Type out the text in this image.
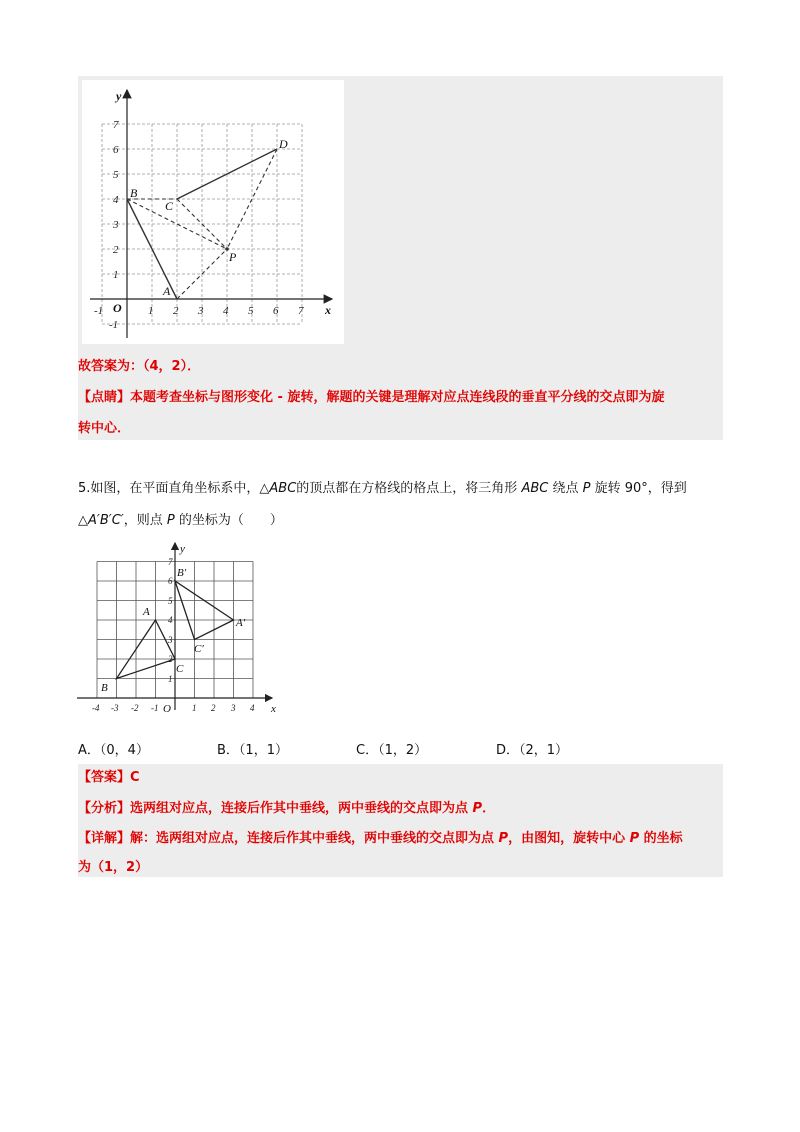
-1	1 2 3 4 5 6 7
7
6
5
4
3
2
1
-1
O	x
y
A
B
C
D
P
故答案为：（4，2）．
【点睛】本题考查坐标与图形变化 - 旋转，解题的关键是理解对应点连线段的垂直平分线的交点即为旋
转中心．
5.如图，在平面直角坐标系中，△ABC的顶点都在方格线的格点上，将三角形 ABC 绕点 P 旋转 90°，得到
△A′B′C′，则点 P 的坐标为（　　）
-4 -3 -2 -1	1 2 3 4
7
6
5
4
3
2
1
O	x
y
A
B
C
A′
B′
C′
A．（0，4）	B．（1，1）	C．（1，2）	D．（2，1）
【答案】C
【分析】选两组对应点，连接后作其中垂线，两中垂线的交点即为点 P．
【详解】解：选两组对应点，连接后作其中垂线，两中垂线的交点即为点 P，由图知，旋转中心 P 的坐标
为（1，2）
